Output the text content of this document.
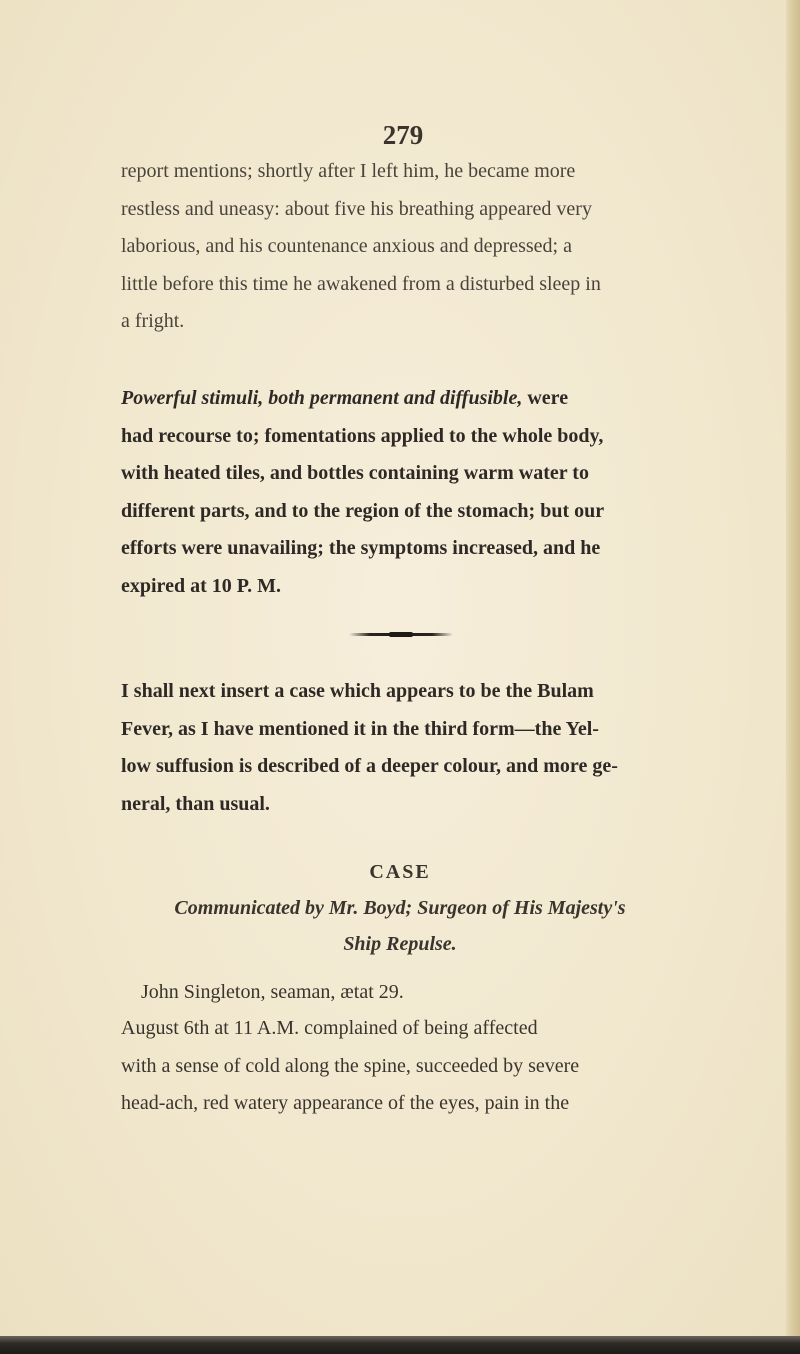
279
report mentions; shortly after I left him, he became more
restless and uneasy: about five his breathing appeared very
laborious, and his countenance anxious and depressed; a
little before this time he awakened from a disturbed sleep in
a fright.
Powerful stimuli, both permanent and diffusible, were
had recourse to; fomentations applied to the whole body,
with heated tiles, and bottles containing warm water to
different parts, and to the region of the stomach; but our
efforts were unavailing; the symptoms increased, and he
expired at 10 P. M.
I shall next insert a case which appears to be the Bulam
Fever, as I have mentioned it in the third form—the Yel-
low suffusion is described of a deeper colour, and more ge-
neral, than usual.
CASE
Communicated by Mr. Boyd; Surgeon of His Majesty's
Ship Repulse.
John Singleton, seaman, ætat 29.
August 6th at 11 A.M. complained of being affected
with a sense of cold along the spine, succeeded by severe
head-ach, red watery appearance of the eyes, pain in the
